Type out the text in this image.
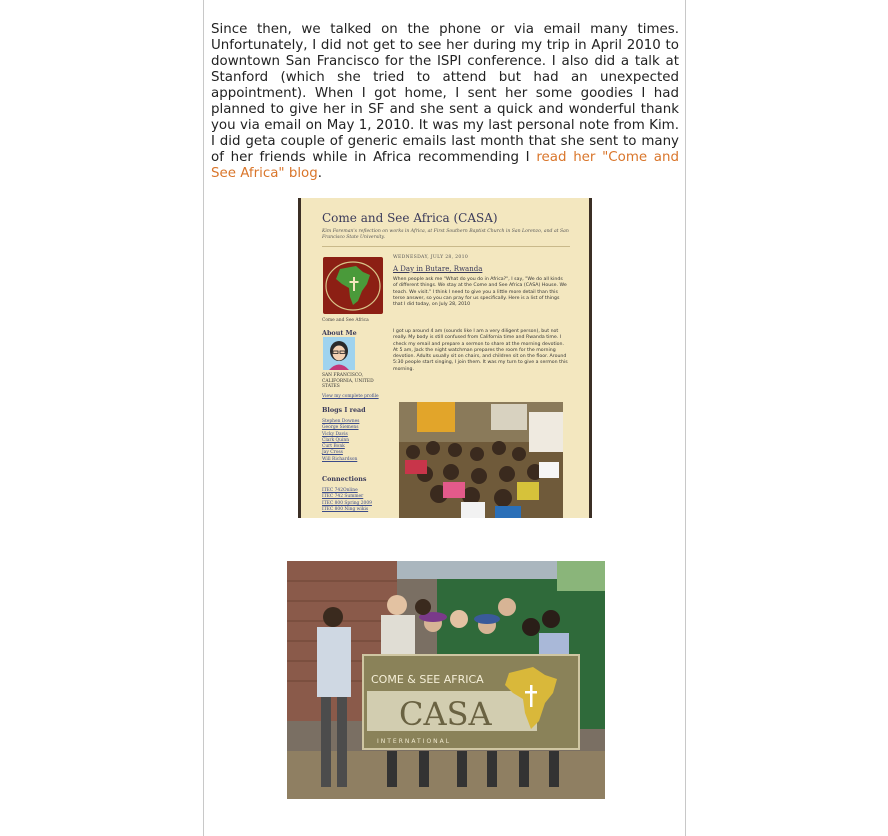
Since then, we talked on the phone or via email many times. Unfortunately, I did not get to see her during my trip in April 2010 to downtown San Francisco for the ISPI conference. I also did a talk at Stanford (which she tried to attend but had an unexpected appointment). When I got home, I sent her some goodies I had planned to give her in SF and she sent a quick and wonderful thank you via email on May 1, 2010. It was my last personal note from Kim. I did geta couple of generic emails last month that she sent to many of her friends while in Africa recommending I read her "Come and See Africa" blog.

Come and See Africa (CASA)
Kim Foreman's reflection on works in Africa, at First Southern Baptist Church in San Lorenzo, and at San Francisco State University.
Come and See Africa
About Me
SAN FRANCISCO, CALIFORNIA, UNITED STATES
View my complete profile
Blogs I read
Stephen Downes
George Siemens
Vicky Davis
Clark Quinn
Curt Bonk
Jay Cross
Will Richardson
Connections
ITEC 742Online
ITEC 742 Summer
ITEC 800 Spring 2009
ITEC 800 Ning wikis
WEDNESDAY, JULY 28, 2010
A Day in Butare, Rwanda
When people ask me "What do you do in Africa?", I say, "We do all kinds of different things. We stay at the Come and See Africa (CASA) House. We teach. We visit." I think I need to give you a little more detail than this terse answer, so you can pray for us specifically. Here is a list of things that I did today, on July 28, 2010
I got up around 4 am (sounds like I am a very diligent person), but not really. My body is still confused from California time and Rwanda time. I check my email and prepare a sermon to share at the morning devotion. At 5 am, Jack the night watchman prepares the room for the morning devotion. Adults usually sit on chairs, and children sit on the floor. Around 5:30 people start singing, I join them. It was my turn to give a sermon this morning.
COME & SEE AFRICA
CASA
INTERNATIONAL
